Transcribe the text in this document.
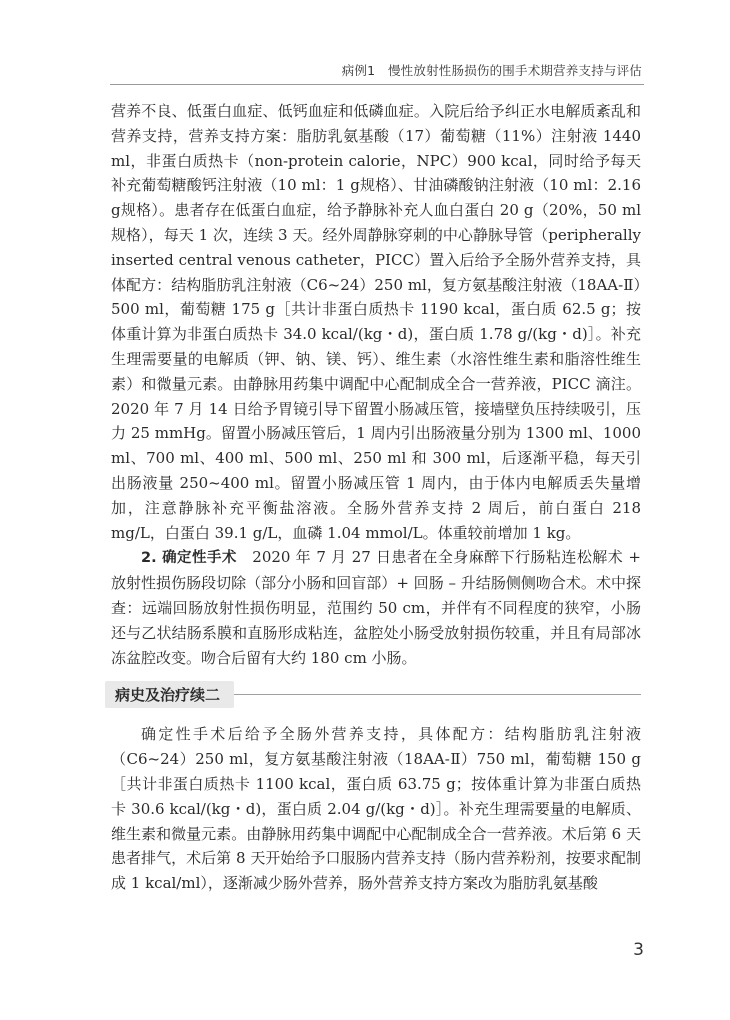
病例1　慢性放射性肠损伤的围手术期营养支持与评估

营养不良、低蛋白血症、低钙血症和低磷血症。入院后给予纠正水电解质紊乱和营养支持，营养支持方案：脂肪乳氨基酸（17）葡萄糖（11%）注射液 1440 ml，非蛋白质热卡（non-protein calorie，NPC）900 kcal，同时给予每天补充葡萄糖酸钙注射液（10 ml：1 g规格）、甘油磷酸钠注射液（10 ml：2.16 g规格）。患者存在低蛋白血症，给予静脉补充人血白蛋白 20 g（20%，50 ml规格），每天 1 次，连续 3 天。经外周静脉穿刺的中心静脉导管（peripherally inserted central venous catheter，PICC）置入后给予全肠外营养支持，具体配方：结构脂肪乳注射液（C6~24）250 ml，复方氨基酸注射液（18AA-Ⅱ）500 ml，葡萄糖 175 g［共计非蛋白质热卡 1190 kcal，蛋白质 62.5 g；按体重计算为非蛋白质热卡 34.0 kcal/(kg・d)，蛋白质 1.78 g/(kg・d)］。补充生理需要量的电解质（钾、钠、镁、钙）、维生素（水溶性维生素和脂溶性维生素）和微量元素。由静脉用药集中调配中心配制成全合一营养液，PICC 滴注。2020 年 7 月 14 日给予胃镜引导下留置小肠减压管，接墙壁负压持续吸引，压力 25 mmHg。留置小肠减压管后，1 周内引出肠液量分别为 1300 ml、1000 ml、700 ml、400 ml、500 ml、250 ml 和 300 ml，后逐渐平稳，每天引出肠液量 250~400 ml。留置小肠减压管 1 周内，由于体内电解质丢失量增加，注意静脉补充平衡盐溶液。全肠外营养支持 2 周后，前白蛋白 218 mg/L，白蛋白 39.1 g/L，血磷 1.04 mmol/L。体重较前增加 1 kg。

2. 确定性手术　2020 年 7 月 27 日患者在全身麻醉下行肠粘连松解术 + 放射性损伤肠段切除（部分小肠和回盲部）+ 回肠 – 升结肠侧侧吻合术。术中探查：远端回肠放射性损伤明显，范围约 50 cm，并伴有不同程度的狭窄，小肠还与乙状结肠系膜和直肠形成粘连，盆腔处小肠受放射损伤较重，并且有局部冰冻盆腔改变。吻合后留有大约 180 cm 小肠。

病史及治疗续二

确定性手术后给予全肠外营养支持，具体配方：结构脂肪乳注射液（C6~24）250 ml，复方氨基酸注射液（18AA-Ⅱ）750 ml，葡萄糖 150 g［共计非蛋白质热卡 1100 kcal，蛋白质 63.75 g；按体重计算为非蛋白质热卡 30.6 kcal/(kg・d)，蛋白质 2.04 g/(kg・d)］。补充生理需要量的电解质、维生素和微量元素。由静脉用药集中调配中心配制成全合一营养液。术后第 6 天患者排气，术后第 8 天开始给予口服肠内营养支持（肠内营养粉剂，按要求配制成 1 kcal/ml），逐渐减少肠外营养，肠外营养支持方案改为脂肪乳氨基酸

3
